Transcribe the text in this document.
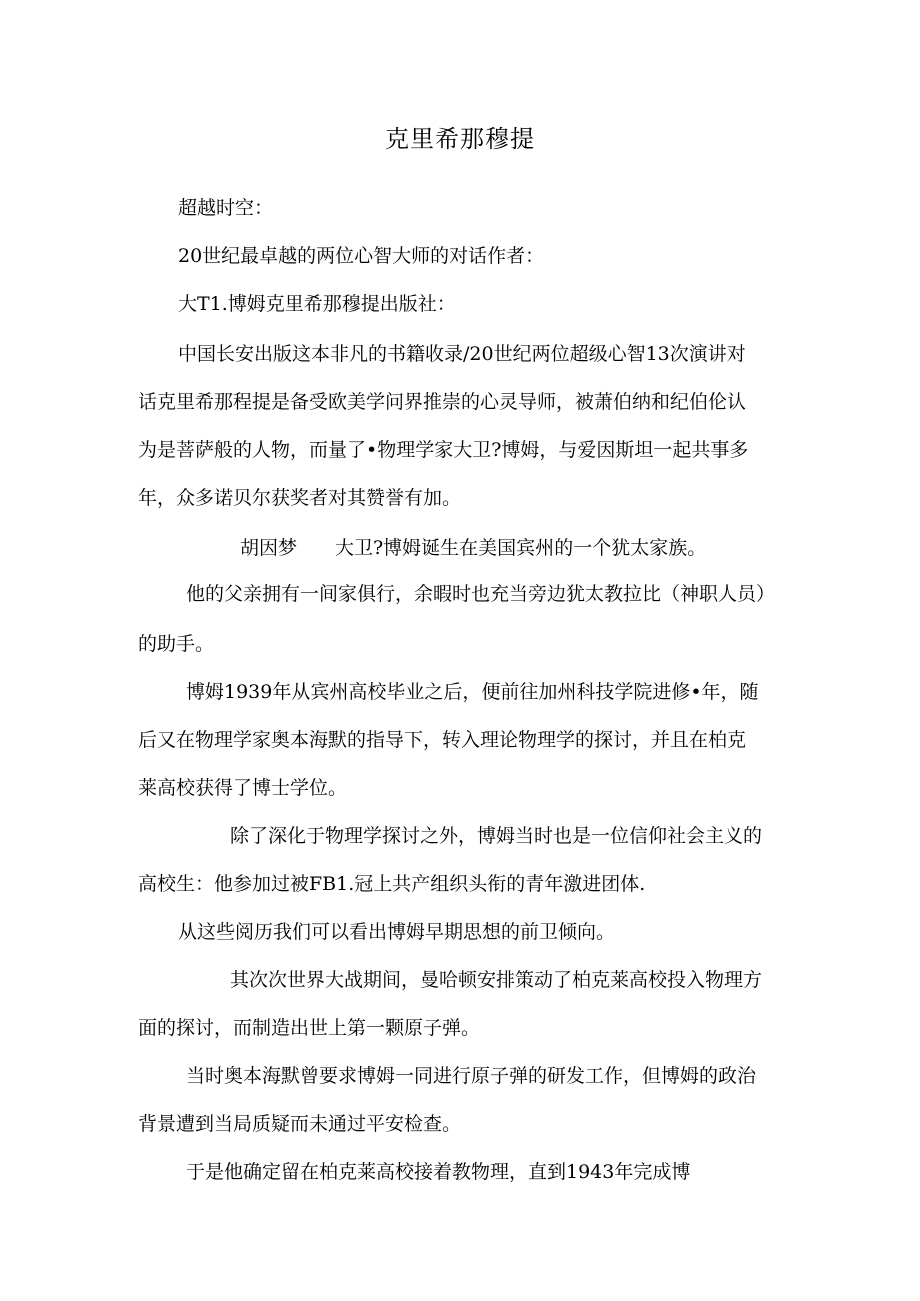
克里希那穆提

超越时空：

20世纪最卓越的两位心智大师的对话作者：

大T1.博姆克里希那穆提出版社：

中国长安出版这本非凡的书籍收录/20世纪两位超级心智13次演讲对

话克里希那程提是备受欧美学问界推崇的心灵导师，被萧伯纳和纪伯伦认

为是菩萨般的人物，而量了•物理学家大卫?博姆，与爱因斯坦一起共事多

年，众多诺贝尔获奖者对其赞誉有加。

胡因梦　　大卫?博姆诞生在美国宾州的一个犹太家族。

他的父亲拥有一间家俱行，余暇时也充当旁边犹太教拉比（神职人员）

的助手。

博姆1939年从宾州高校毕业之后，便前往加州科技学院进修•年，随

后又在物理学家奥本海默的指导下，转入理论物理学的探讨，并且在柏克

莱高校获得了博士学位。

除了深化于物理学探讨之外，博姆当时也是一位信仰社会主义的

高校生：他参加过被FB1.冠上共产组织头衔的青年激进团体.

从这些阅历我们可以看出博姆早期思想的前卫倾向。

其次次世界大战期间，曼哈顿安排策动了柏克莱高校投入物理方

面的探讨，而制造出世上第一颗原子弹。

当时奥本海默曾要求博姆一同进行原子弹的研发工作，但博姆的政治

背景遭到当局质疑而未通过平安检查。

于是他确定留在柏克莱高校接着教物理，直到1943年完成博
